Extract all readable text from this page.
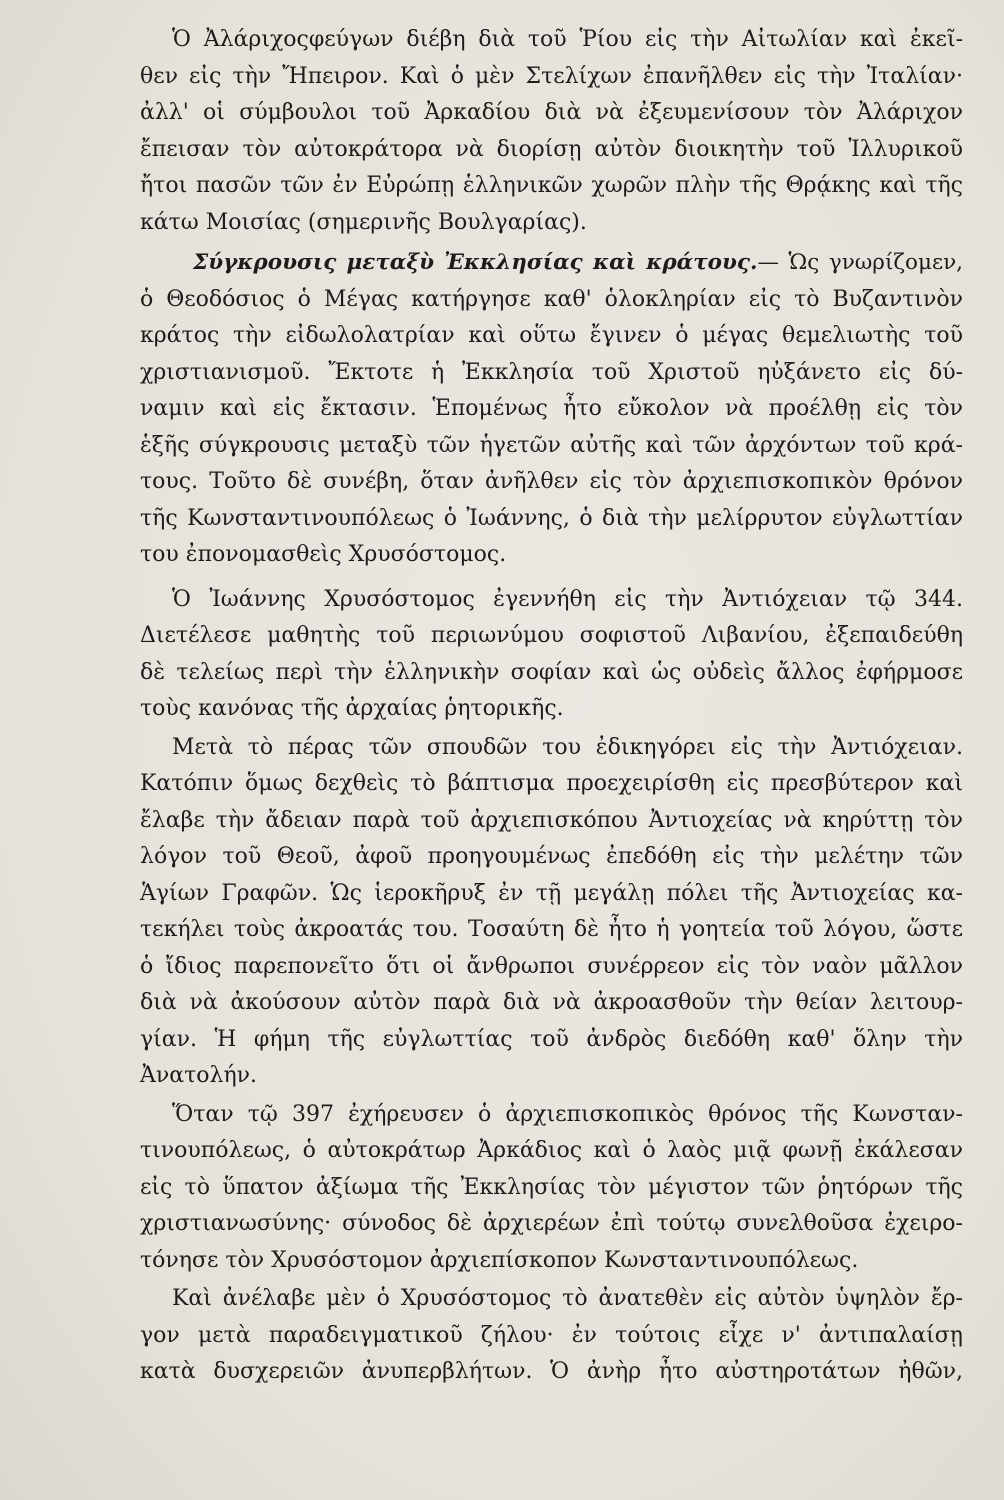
Ὁ Ἀλάριχοςφεύγων διέβη διὰ τοῦ Ῥίου εἰς τὴν Αἰτωλίαν καὶ ἐκεῖ-
θεν εἰς τὴν Ἤπειρον. Καὶ ὁ μὲν Στελίχων ἐπανῆλθεν εἰς τὴν Ἰταλίαν·
ἀλλ' οἱ σύμβουλοι τοῦ Ἀρκαδίου διὰ νὰ ἐξευμενίσουν τὸν Ἀλάριχον
ἔπεισαν τὸν αὐτοκράτορα νὰ διορίσῃ αὐτὸν διοικητὴν τοῦ Ἰλλυρικοῦ
ἤτοι πασῶν τῶν ἐν Εὐρώπῃ ἑλληνικῶν χωρῶν πλὴν τῆς Θρᾴκης καὶ τῆς
κάτω Μοισίας (σημερινῆς Βουλγαρίας).
Σύγκρουσις μεταξὺ Ἐκκλησίας καὶ κράτους.— Ὡς γνωρίζομεν,
ὁ Θεοδόσιος ὁ Μέγας κατήργησε καθ' ὁλοκληρίαν εἰς τὸ Βυζαντινὸν
κράτος τὴν εἰδωλολατρίαν καὶ οὕτω ἔγινεν ὁ μέγας θεμελιωτὴς τοῦ
χριστιανισμοῦ. Ἔκτοτε ἡ Ἐκκλησία τοῦ Χριστοῦ ηὐξάνετο εἰς δύ-
ναμιν καὶ εἰς ἔκτασιν. Ἑπομένως ἦτο εὔκολον νὰ προέλθῃ εἰς τὸν
ἑξῆς σύγκρουσις μεταξὺ τῶν ἡγετῶν αὐτῆς καὶ τῶν ἀρχόντων τοῦ κρά-
τους. Τοῦτο δὲ συνέβη, ὅταν ἀνῆλθεν εἰς τὸν ἀρχιεπισκοπικὸν θρόνον
τῆς Κωνσταντινουπόλεως ὁ Ἰωάννης, ὁ διὰ τὴν μελίρρυτον εὐγλωττίαν
του ἐπονομασθεὶς Χρυσόστομος.
Ὁ Ἰωάννης Χρυσόστομος ἐγεννήθη εἰς τὴν Ἀντιόχειαν τῷ 344.
Διετέλεσε μαθητὴς τοῦ περιωνύμου σοφιστοῦ Λιβανίου, ἐξεπαιδεύθη
δὲ τελείως περὶ τὴν ἑλληνικὴν σοφίαν καὶ ὡς οὐδεὶς ἄλλος ἐφήρμοσε
τοὺς κανόνας τῆς ἀρχαίας ῥητορικῆς.
Μετὰ τὸ πέρας τῶν σπουδῶν του ἐδικηγόρει εἰς τὴν Ἀντιόχειαν.
Κατόπιν ὅμως δεχθεὶς τὸ βάπτισμα προεχειρίσθη εἰς πρεσβύτερον καὶ
ἔλαβε τὴν ἄδειαν παρὰ τοῦ ἀρχιεπισκόπου Ἀντιοχείας νὰ κηρύττῃ τὸν
λόγον τοῦ Θεοῦ, ἀφοῦ προηγουμένως ἐπεδόθη εἰς τὴν μελέτην τῶν
Ἁγίων Γραφῶν. Ὡς ἱεροκῆρυξ ἐν τῇ μεγάλῃ πόλει τῆς Ἀντιοχείας κα-
τεκήλει τοὺς ἀκροατάς του. Τοσαύτη δὲ ἦτο ἡ γοητεία τοῦ λόγου, ὥστε
ὁ ἴδιος παρεπονεῖτο ὅτι οἱ ἄνθρωποι συνέρρεον εἰς τὸν ναὸν μᾶλλον
διὰ νὰ ἀκούσουν αὐτὸν παρὰ διὰ νὰ ἀκροασθοῦν τὴν θείαν λειτουρ-
γίαν. Ἡ φήμη τῆς εὐγλωττίας τοῦ ἀνδρὸς διεδόθη καθ' ὅλην τὴν
Ἀνατολήν.
Ὅταν τῷ 397 ἐχήρευσεν ὁ ἀρχιεπισκοπικὸς θρόνος τῆς Κωνσταν-
τινουπόλεως, ὁ αὐτοκράτωρ Ἀρκάδιος καὶ ὁ λαὸς μιᾷ φωνῇ ἐκάλεσαν
εἰς τὸ ὕπατον ἀξίωμα τῆς Ἐκκλησίας τὸν μέγιστον τῶν ῥητόρων τῆς
χριστιανωσύνης· σύνοδος δὲ ἀρχιερέων ἐπὶ τούτῳ συνελθοῦσα ἐχειρο-
τόνησε τὸν Χρυσόστομον ἀρχιεπίσκοπον Κωνσταντινουπόλεως.
Καὶ ἀνέλαβε μὲν ὁ Χρυσόστομος τὸ ἀνατεθὲν εἰς αὐτὸν ὑψηλὸν ἔρ-
γον μετὰ παραδειγματικοῦ ζήλου· ἐν τούτοις εἶχε ν' ἀντιπαλαίσῃ
κατὰ δυσχερειῶν ἀνυπερβλήτων. Ὁ ἀνὴρ ἦτο αὐστηροτάτων ἠθῶν,
